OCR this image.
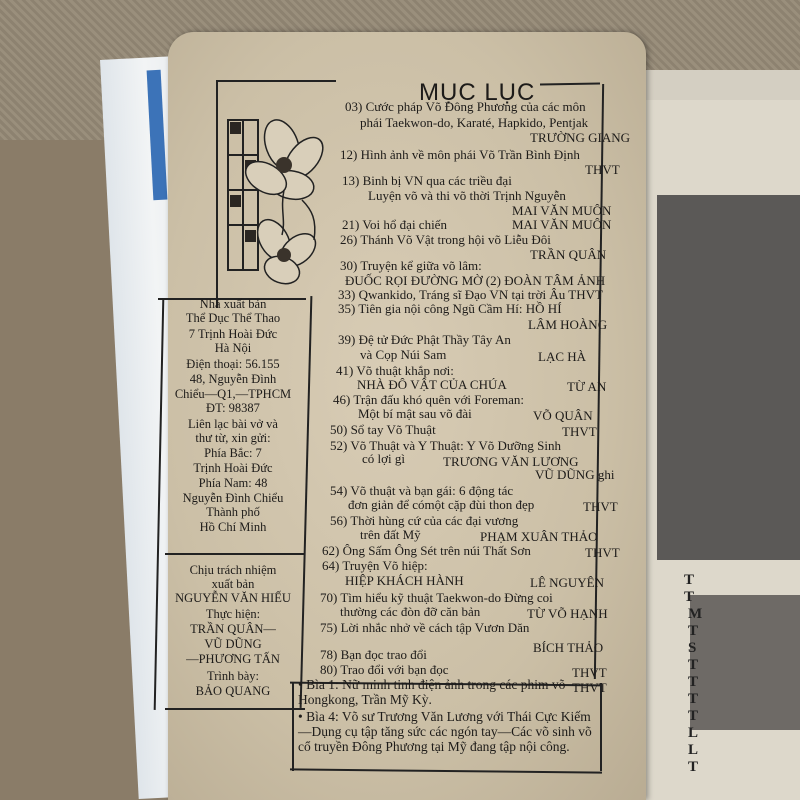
T
T
M
T
S
T
T
T
T
L
L
T
MỤC LỤC
03) Cước pháp Võ Đông Phương của các môn
phái Taekwon-do, Karaté, Hapkido, Pentjak
TRƯỜNG GIANG
12) Hình ảnh về môn phái Võ Trần Bình Định
THVT
13) Binh bị VN qua các triều đại
Luyện võ và thi võ thời Trịnh Nguyễn
MAI VĂN MUÔN
21) Voi hổ đại chiến	MAI VĂN MUÔN
26) Thánh Võ Vật trong hội võ Liễu Đôi
TRẦN QUÂN
30) Truyện kể giữa võ lâm:
ĐUỐC RỌI ĐƯỜNG MỜ (2) ĐOÀN TÂM ẢNH
33) Qwankido, Tráng sĩ Đạo VN tại trời Âu THVT
35) Tiên gia nội công Ngũ Cầm Hí: HỒ HÍ
LÂM HOÀNG
39) Đệ tử Đức Phật Thầy Tây An
và Cọp Núi Sam	LẠC HÀ
41) Võ thuật khắp nơi:
NHÀ ĐÔ VẬT CỦA CHÚA	TỪ AN
46) Trận đấu khó quên với Foreman:
Một bí mật sau võ đài	VÕ QUÂN
50) Sổ tay Võ Thuật	THVT
52) Võ Thuật và Y Thuật: Y Võ Dưỡng Sinh
có lợi gì	TRƯƠNG VĂN LƯƠNG
VŨ DŨNG ghi
54) Võ thuật và bạn gái: 6 động tác
đơn giản để cómột cặp đùi thon đẹp	THVT
56) Thời hùng cứ của các đại vương
trên đất Mỹ	PHẠM XUÂN THẢO
62) Ông Sấm Ông Sét trên núi Thất Sơn	THVT
64) Truyện Võ hiệp:
HIỆP KHÁCH HÀNH	LÊ NGUYÊN
70) Tìm hiểu kỹ thuật Taekwon-do Đừng coi
thường các đòn đỡ căn bản	TỪ VÕ HẠNH
75) Lời nhắc nhở về cách tập Vươn Dăn
BÍCH THẢO
78) Bạn đọc trao đổi
THVT
80) Trao đổi với bạn đọc
THVT
Nhà xuất bản
Thể Dục Thể Thao
7 Trịnh Hoài Đức
Hà Nội
Điện thoại: 56.155
48, Nguyễn Đình
Chiểu—Q1,—TPHCM
ĐT: 98387
Liên lạc bài vở và
thư từ, xin gửi:
Phía Bắc: 7
Trịnh Hoài Đức
Phía Nam: 48
Nguyễn Đình Chiểu
Thành phố
Hồ Chí Minh
Chịu trách nhiệm
xuất bản
NGUYỄN VĂN HIẾU
Thực hiện:
TRẦN QUÂN—
VŨ DŨNG
—PHƯƠNG TẤN
Trình bày:
BẢO QUANG	• Bìa 1: Nữ minh tinh điện ảnh trong các phim võ Hongkong, Trần Mỹ Kỳ.
• Bìa 4: Võ sư Trương Văn Lương với Thái Cực Kiếm—Dụng cụ tập tăng sức các ngón tay—Các võ sinh võ cổ truyền Đông Phương tại Mỹ đang tập nội công.
